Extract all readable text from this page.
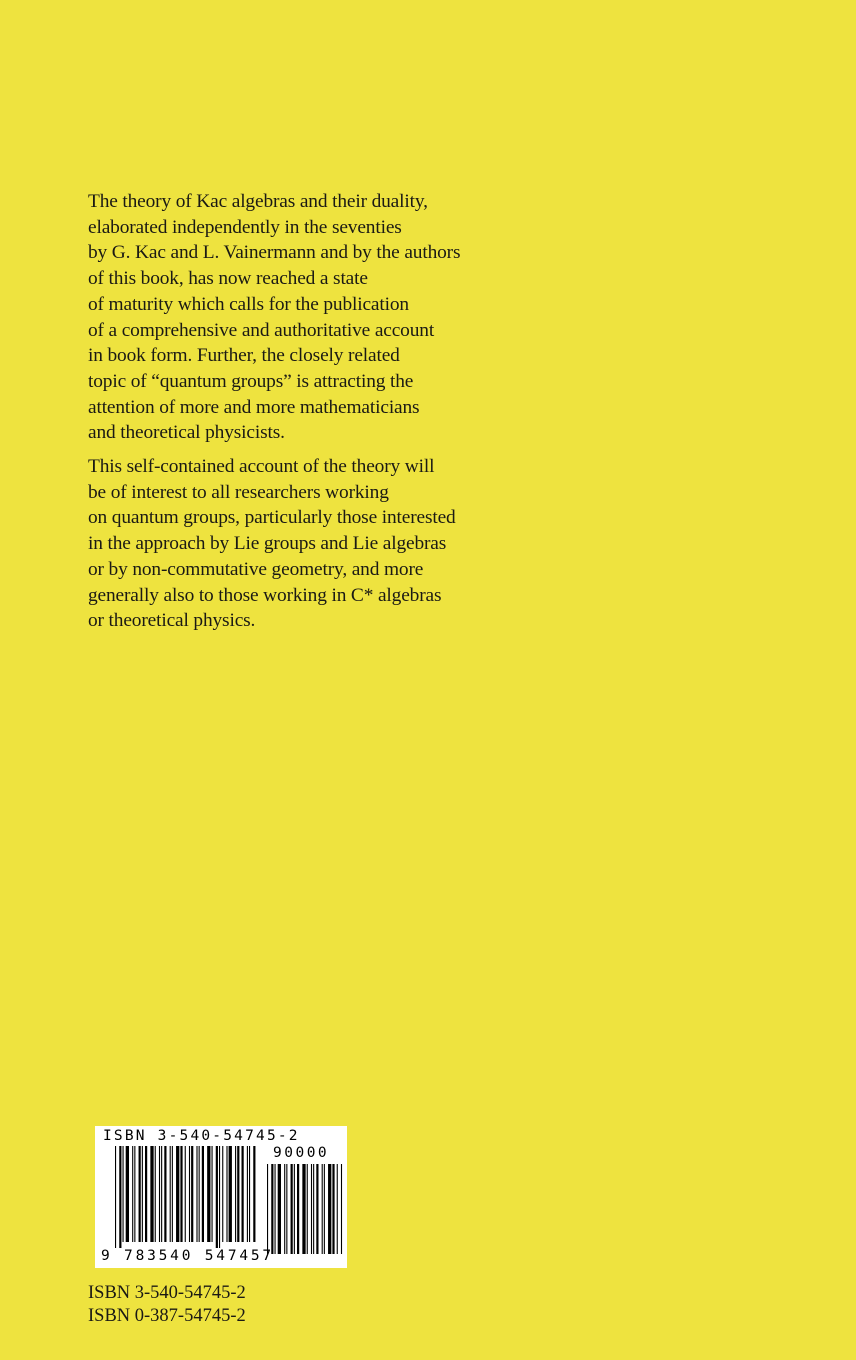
The theory of Kac algebras and their duality,
elaborated independently in the seventies
by G. Kac and L. Vainermann and by the authors
of this book, has now reached a state
of maturity which calls for the publication
of a comprehensive and authoritative account
in book form. Further, the closely related
topic of “quantum groups” is attracting the
attention of more and more mathematicians
and theoretical physicists.

This self-contained account of the theory will
be of interest to all researchers working
on quantum groups, particularly those interested
in the approach by Lie groups and Lie algebras
or by non-commutative geometry, and more
generally also to those working in C* algebras
or theoretical physics.

ISBN 3-540-54745-2
90000
9 783540 547457
ISBN 3-540-54745-2
ISBN 0-387-54745-2
